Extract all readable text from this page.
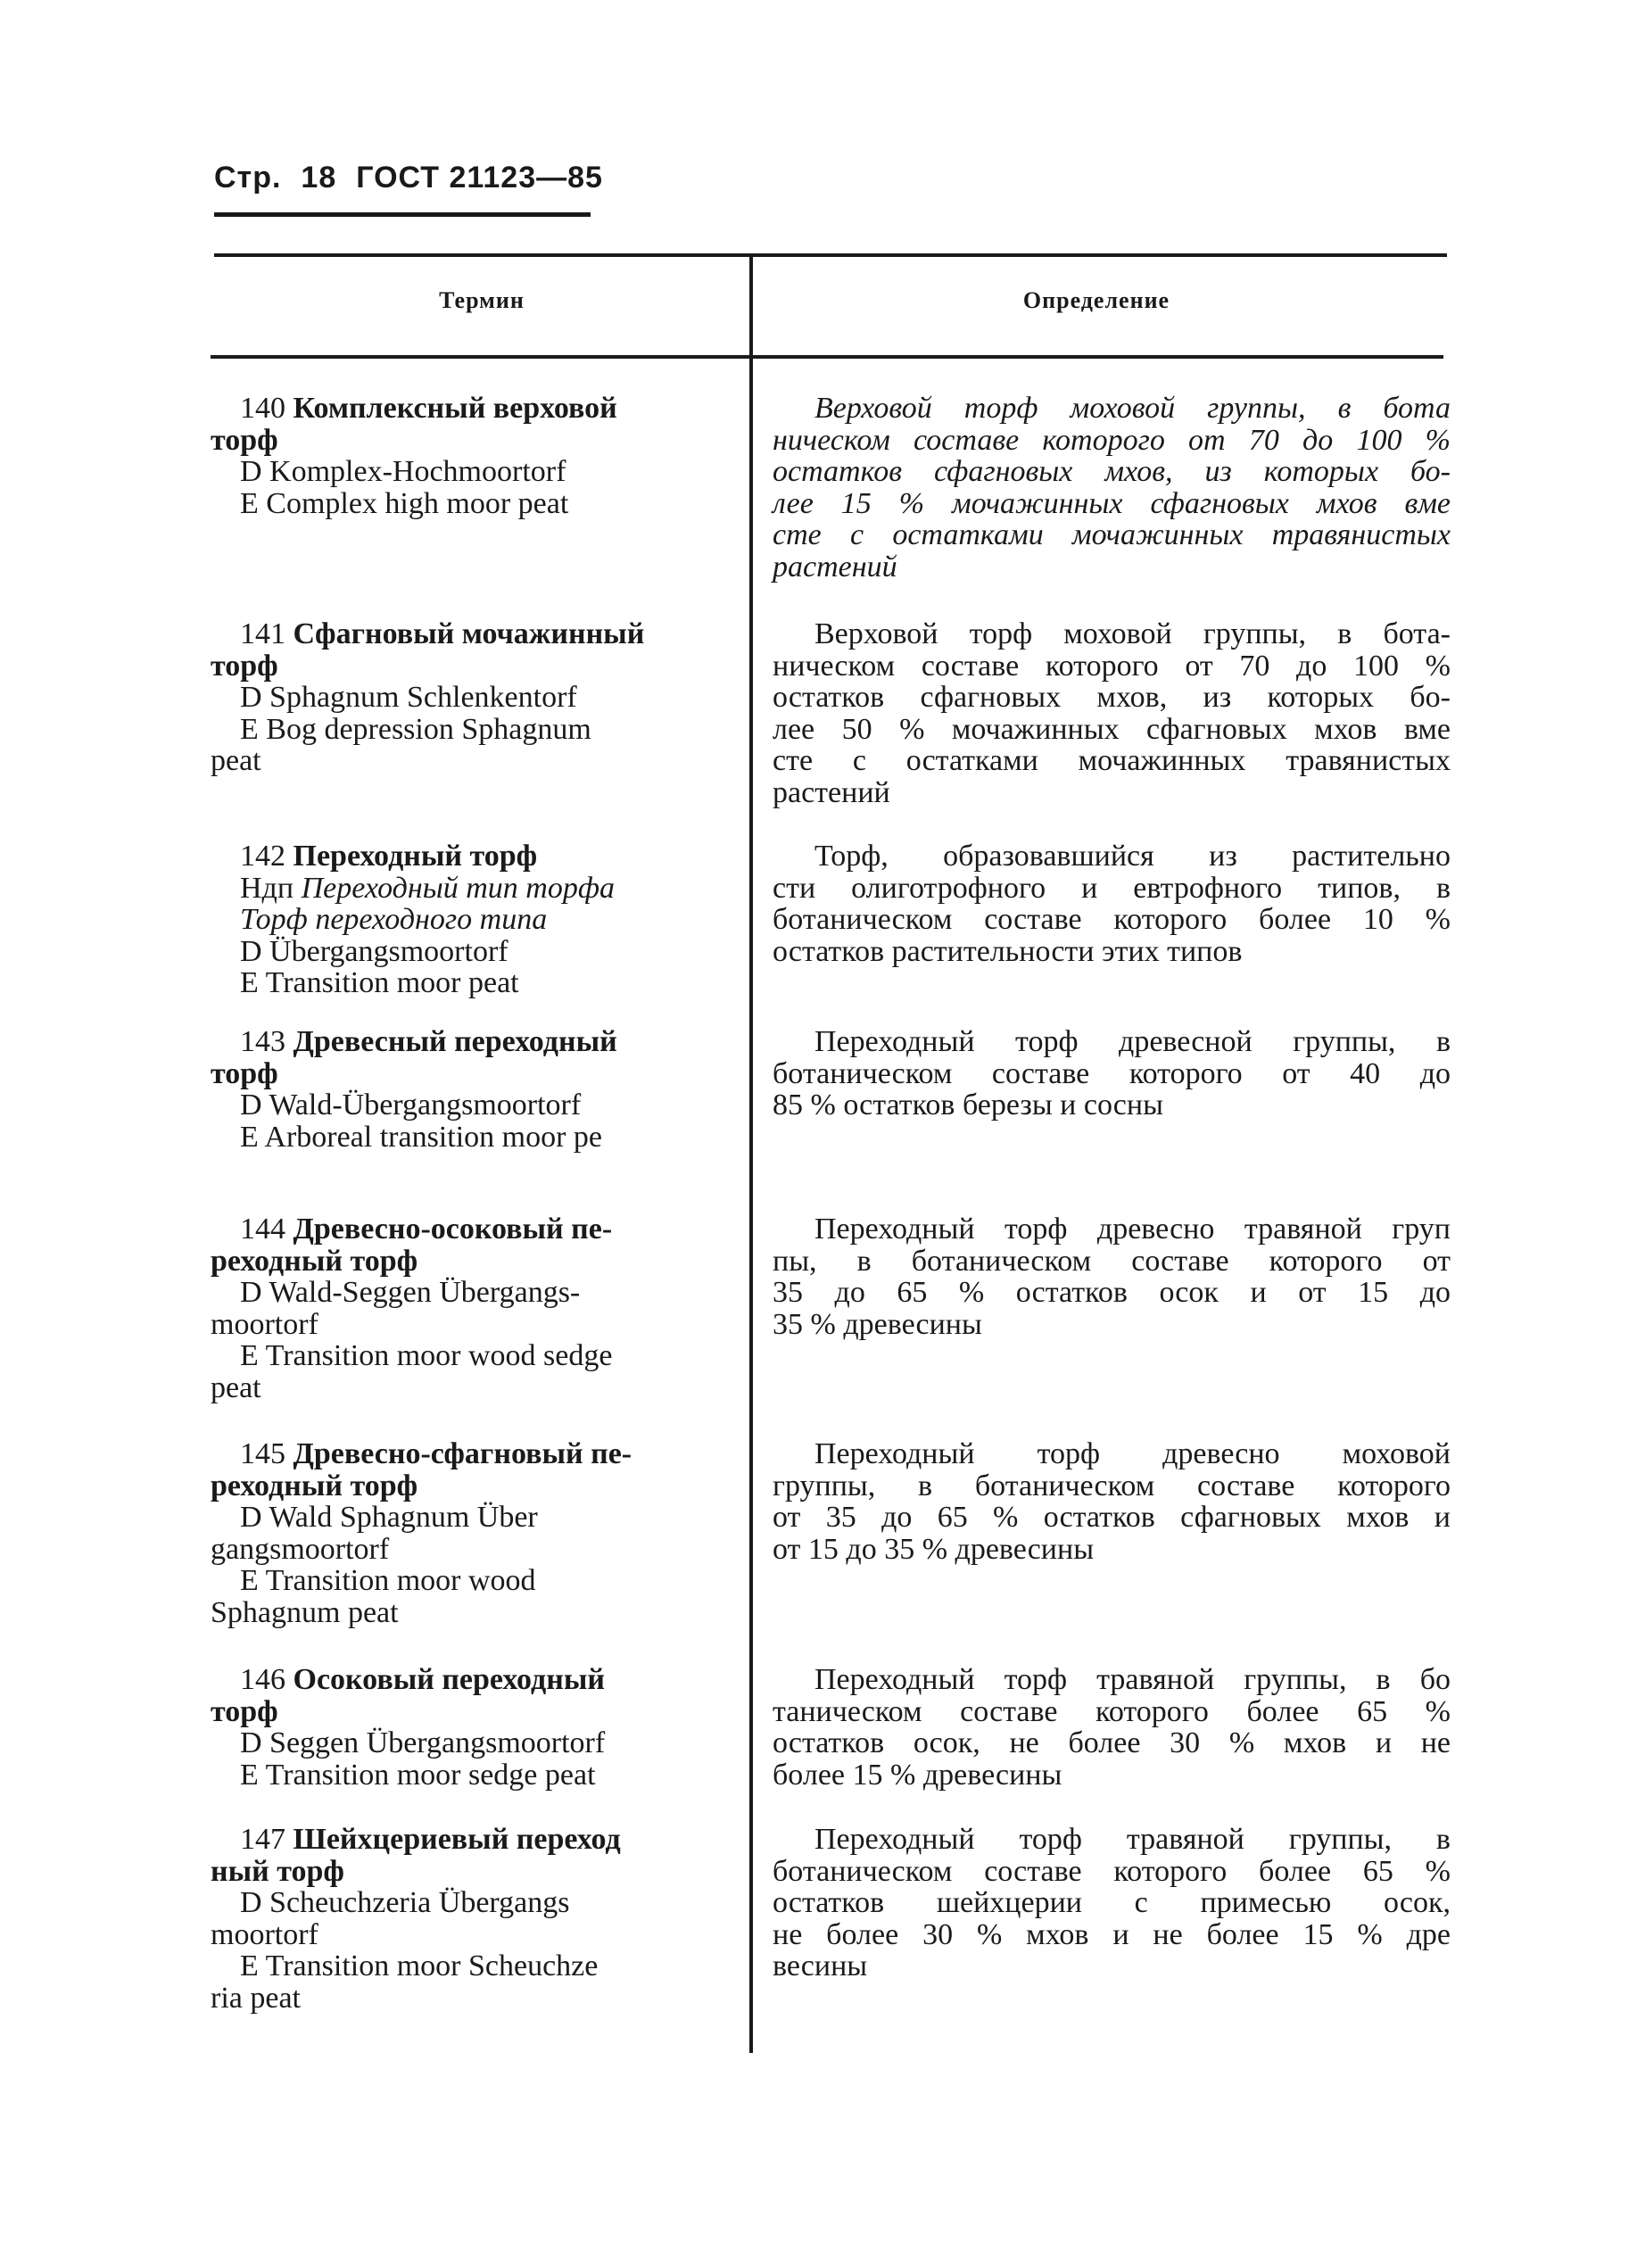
Стр. 18 ГОСТ 21123—85
Термин	Определение
140 Комплексный верховой
торф
D Komplex-Hochmoortorf
E Complex high moor peat
Верховой торф моховой группы, в бота
ническом составе которого от 70 до 100 %
остатков сфагновых мхов, из которых бо-
лее 15 % мочажинных сфагновых мхов вме
сте с остатками мочажинных травянистых
растений
141 Сфагновый мочажинный
торф
D Sphagnum Schlenkentorf
E Bog depression Sphagnum
peat
Верховой торф моховой группы, в бота-
ническом составе которого от 70 до 100 %
остатков сфагновых мхов, из которых бо-
лее 50 % мочажинных сфагновых мхов вме
сте с остатками мочажинных травянистых
растений
142 Переходный торф
Ндп Переходный тип торфа
Торф переходного типа
D Übergangsmoortorf
E Transition moor peat
Торф, образовавшийся из растительно
сти олиготрофного и евтрофного типов, в
ботаническом составе которого более 10 %
остатков растительности этих типов
143 Древесный переходный
торф
D Wald-Übergangsmoortorf
E Arboreal transition moor pe
Переходный торф древесной группы, в
ботаническом составе которого от 40 до
85 % остатков березы и сосны
144 Древесно-осоковый пе-
реходный торф
D Wald-Seggen Übergangs-
moortorf
E Transition moor wood sedge
peat
Переходный торф древесно травяной груп
пы, в ботаническом составе которого от
35 до 65 % остатков осок и от 15 до
35 % древесины
145 Древесно-сфагновый пе-
реходный торф
D Wald Sphagnum Über
gangsmoortorf
E Transition moor wood
Sphagnum peat
Переходный торф древесно моховой
группы, в ботаническом составе которого
от 35 до 65 % остатков сфагновых мхов и
от 15 до 35 % древесины
146 Осоковый переходный
торф
D Seggen Übergangsmoortorf
E Transition moor sedge peat
Переходный торф травяной группы, в бо
таническом составе которого более 65 %
остатков осок, не более 30 % мхов и не
более 15 % древесины
147 Шейхцериевый переход
ный торф
D Scheuchzeria Übergangs
moortorf
E Transition moor Scheuchze
ria peat
Переходный торф травяной группы, в
ботаническом составе которого более 65 %
остатков шейхцерии с примесью осок,
не более 30 % мхов и не более 15 % дре
весины
